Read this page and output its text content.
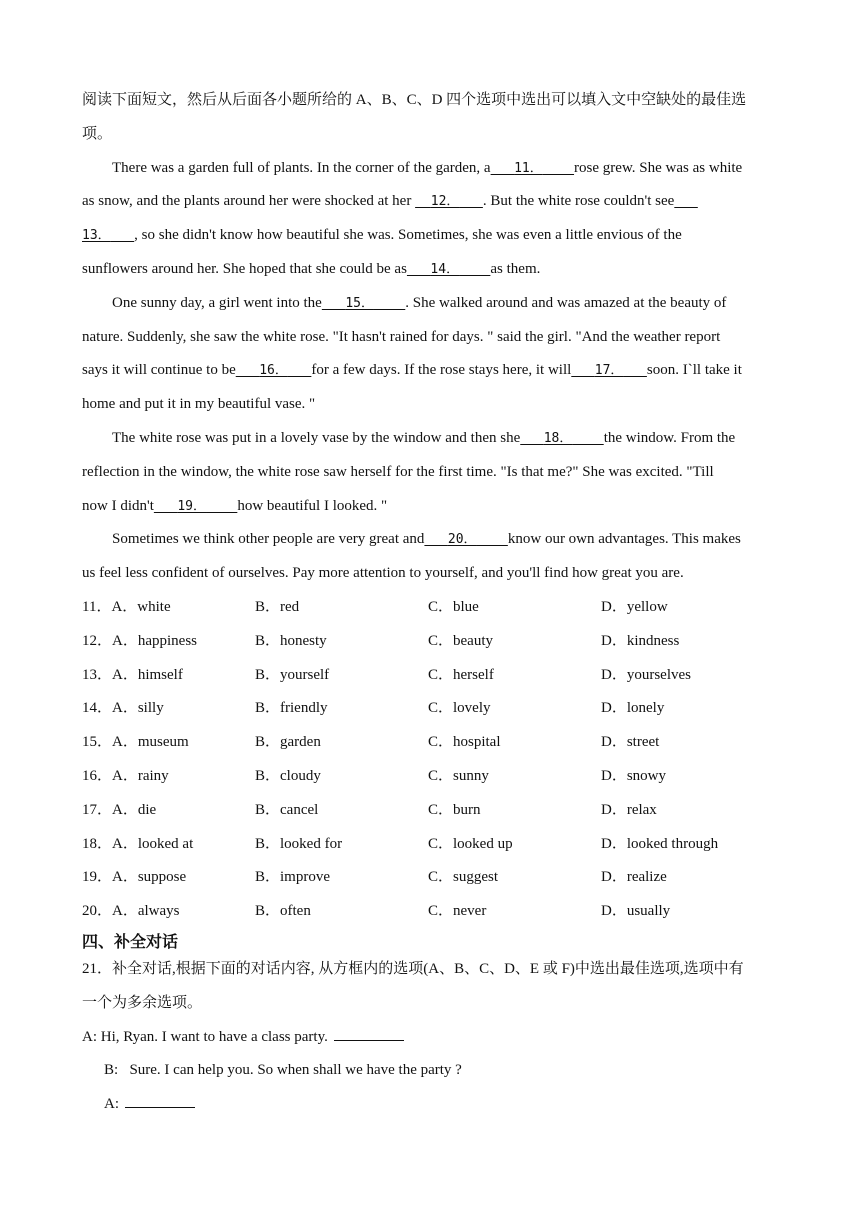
阅读下面短文，然后从后面各小题所给的 A、B、C、D 四个选项中选出可以填入文中空缺处的最佳选
项。
There was a garden full of plants. In the corner of the garden, a 11． rose grew. She was as white
as snow, and the plants around her were shocked at her   12． . But the white rose couldn't see
13． , so she didn't know how beautiful she was. Sometimes, she was even a little envious of the
sunflowers around her. She hoped that she could be as 14． as them.
One sunny day, a girl went into the 15． . She walked around and was amazed at the beauty of
nature. Suddenly, she saw the white rose. "It hasn't rained for days. " said the girl. "And the weather report
says it will continue to be 16． for a few days. If the rose stays here, it will 17． soon. I`ll take it
home and put it in my beautiful vase. "
The white rose was put in a lovely vase by the window and then she 18． the window. From the
reflection in the window, the white rose saw herself for the first time. "Is that me?" She was excited. "Till
now I didn't 19． how beautiful I looked. "
Sometimes we think other people are very great and 20． know our own advantages. This makes
us feel less confident of ourselves. Pay more attention to yourself, and you'll find how great you are.
11．A．white	B．red	C．blue	D．yellow
12．A．happiness	B．honesty	C．beauty	D．kindness
13．A．himself	B．yourself	C．herself	D．yourselves
14．A．silly	B．friendly	C．lovely	D．lonely
15．A．museum	B．garden	C．hospital	D．street
16．A．rainy	B．cloudy	C．sunny	D．snowy
17．A．die	B．cancel	C．burn	D．relax
18．A．looked at	B．looked for	C．looked up	D．looked through
19．A．suppose	B．improve	C．suggest	D．realize
20．A．always	B．often	C．never	D．usually
四、补全对话
21．补全对话,根据下面的对话内容, 从方框内的选项(A、B、C、D、E 或 F)中选出最佳选项,选项中有
一个为多余选项。
A: Hi, Ryan. I want to have a class party.
B: Sure. I can help you. So when shall we have the party ?
A:
